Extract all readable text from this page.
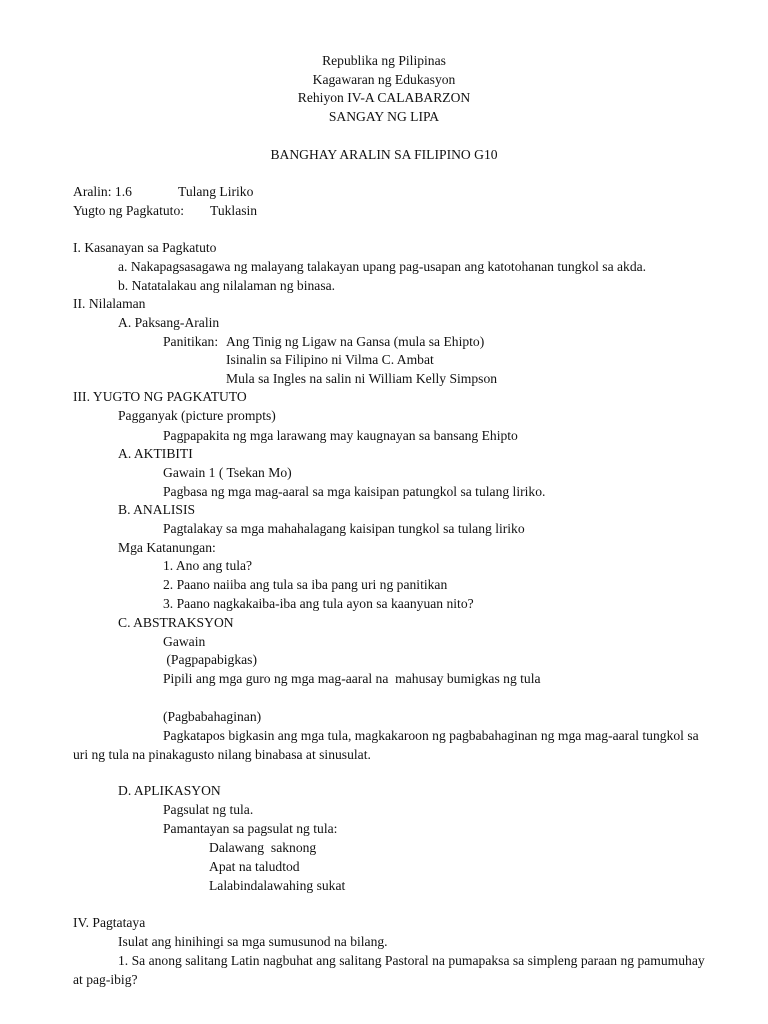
Republika ng Pilipinas
Kagawaran ng Edukasyon
Rehiyon IV-A CALABARZON
SANGAY NG LIPA
BANGHAY ARALIN SA FILIPINO G10
Aralin: 1.6	Tulang Liriko
Yugto ng Pagkatuto: Tuklasin
I. Kasanayan sa Pagkatuto
a. Nakapagsasagawa ng malayang talakayan upang pag-usapan ang katotohanan tungkol sa akda.
b. Natatalakau ang nilalaman ng binasa.
II. Nilalaman
A. Paksang-Aralin
Panitikan: Ang Tinig ng Ligaw na Gansa (mula sa Ehipto)
Isinalin sa Filipino ni Vilma C. Ambat
Mula sa Ingles na salin ni William Kelly Simpson
III. YUGTO NG PAGKATUTO
Pagganyak (picture prompts)
Pagpapakita ng mga larawang may kaugnayan sa bansang Ehipto
A. AKTIBITI
Gawain 1 ( Tsekan Mo)
Pagbasa ng mga mag-aaral sa mga kaisipan patungkol sa tulang liriko.
B. ANALISIS
Pagtalakay sa mga mahahalagang kaisipan tungkol sa tulang liriko
Mga Katanungan:
1. Ano ang tula?
2. Paano naiiba ang tula sa iba pang uri ng panitikan
3. Paano nagkakaiba-iba ang tula ayon sa kaanyuan nito?
C. ABSTRAKSYON
Gawain
(Pagpapabigkas)
Pipili ang mga guro ng mga mag-aaral na  mahusay bumigkas ng tula
(Pagbabahaginan)
Pagkatapos bigkasin ang mga tula, magkakaroon ng pagbabahaginan ng mga mag-aaral tungkol sa
uri ng tula na pinakagusto nilang binabasa at sinusulat.
D. APLIKASYON
Pagsulat ng tula.
Pamantayan sa pagsulat ng tula:
Dalawang  saknong
Apat na taludtod
Lalabindalawahing sukat
IV. Pagtataya
Isulat ang hinihingi sa mga sumusunod na bilang.
1. Sa anong salitang Latin nagbuhat ang salitang Pastoral na pumapaksa sa simpleng paraan ng pamumuhay
at pag-ibig?
